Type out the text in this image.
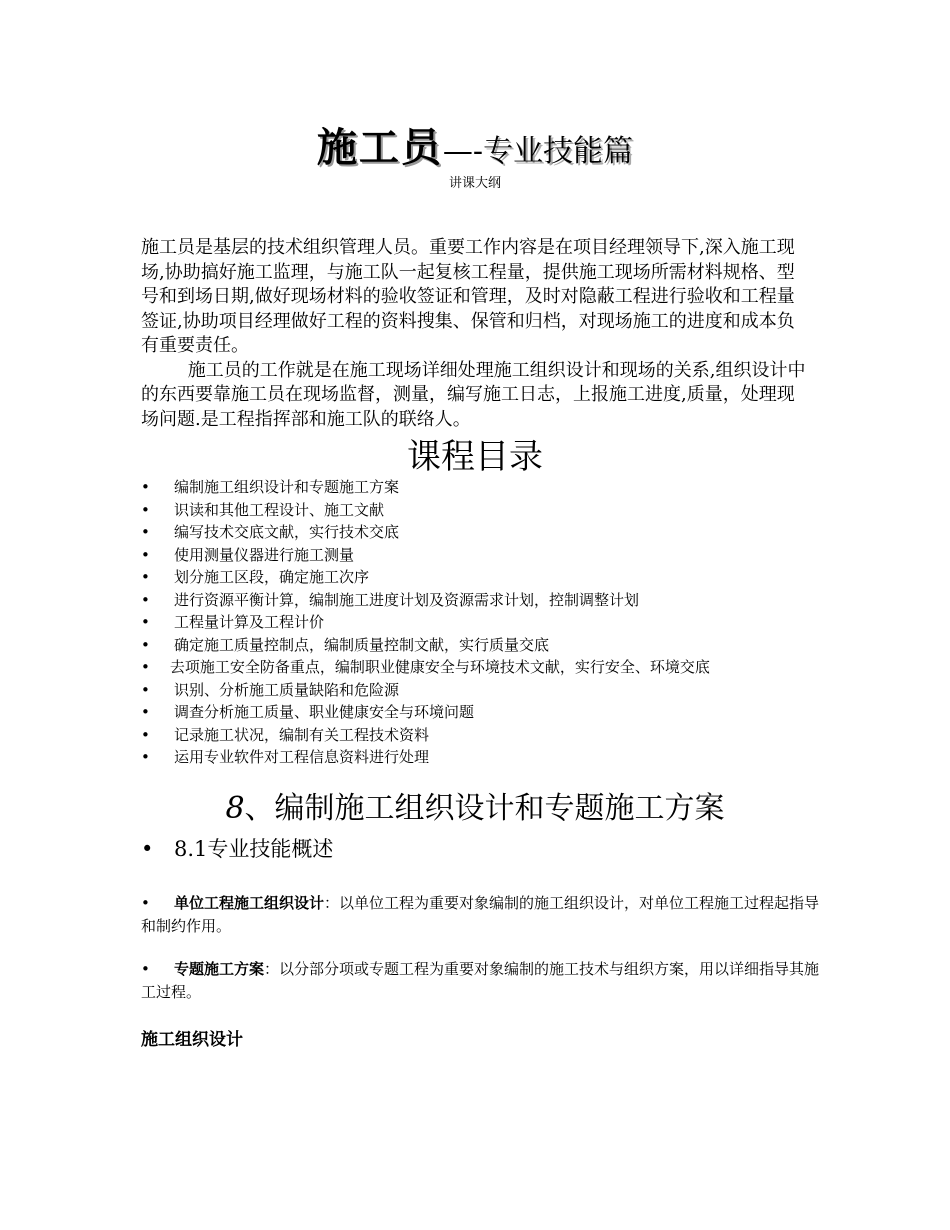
施工员—-专业技能篇
讲课大纲

施工员是基层的技术组织管理人员。重要工作内容是在项目经理领导下,深入施工现场,协助搞好施工监理，与施工队一起复核工程量，提供施工现场所需材料规格、型号和到场日期,做好现场材料的验收签证和管理，及时对隐蔽工程进行验收和工程量签证,协助项目经理做好工程的资料搜集、保管和归档，对现场施工的进度和成本负有重要责任。

施工员的工作就是在施工现场详细处理施工组织设计和现场的关系,组织设计中的东西要靠施工员在现场监督，测量，编写施工日志，上报施工进度,质量，处理现场问题.是工程指挥部和施工队的联络人。

课程目录
• 编制施工组织设计和专题施工方案
• 识读和其他工程设计、施工文献
• 编写技术交底文献，实行技术交底
• 使用测量仪器进行施工测量
• 划分施工区段，确定施工次序
• 进行资源平衡计算，编制施工进度计划及资源需求计划，控制调整计划
• 工程量计算及工程计价
• 确定施工质量控制点，编制质量控制文献，实行质量交底
• 去项施工安全防备重点，编制职业健康安全与环境技术文献，实行安全、环境交底
• 识别、分析施工质量缺陷和危险源
• 调查分析施工质量、职业健康安全与环境问题
• 记录施工状况，编制有关工程技术资料
• 运用专业软件对工程信息资料进行处理
8、编制施工组织设计和专题施工方案
• 8.1专业技能概述

• 单位工程施工组织设计：以单位工程为重要对象编制的施工组织设计，对单位工程施工过程起指导和制约作用。

• 专题施工方案：以分部分项或专题工程为重要对象编制的施工技术与组织方案，用以详细指导其施工过程。

施工组织设计
